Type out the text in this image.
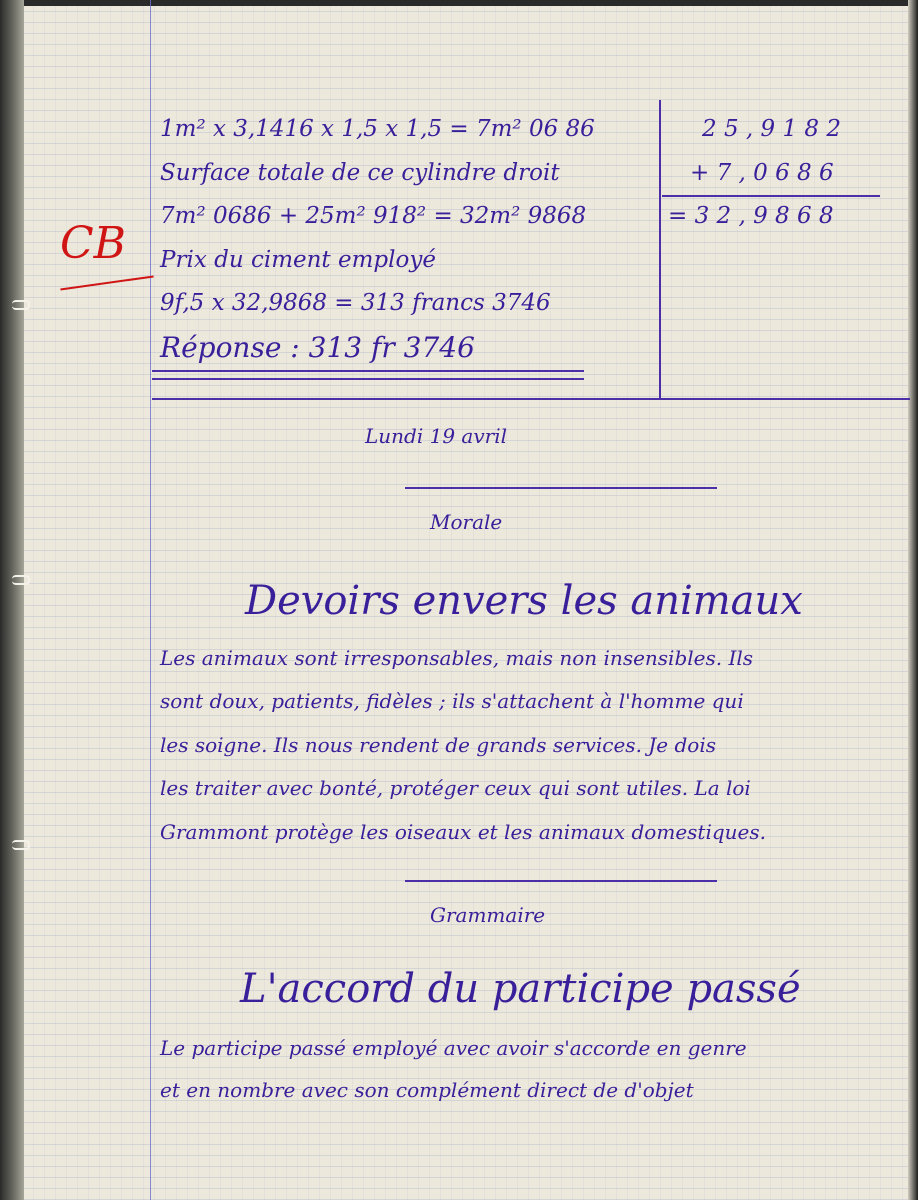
1m² x 3,1416 x 1,5 x 1,5 = 7m² 06 86
Surface totale de ce cylindre droit
7m² 0686 + 25m² 918² = 32m² 9868
Prix du ciment employé
9f,5 x 32,9868 = 313 francs 3746
Réponse : 313 fr 3746
2 5 , 9 1 8 2
+ 7 , 0 6 8 6
= 3 2 , 9 8 6 8
CB
Lundi 19 avril
Morale
Devoirs envers les animaux
Les animaux sont irresponsables, mais non insensibles. Ils
sont doux, patients, fidèles ; ils s'attachent à l'homme qui
les soigne. Ils nous rendent de grands services. Je dois
les traiter avec bonté, protéger ceux qui sont utiles. La loi
Grammont protège les oiseaux et les animaux domestiques.
Grammaire
L'accord du participe passé
Le participe passé employé avec avoir s'accorde en genre
et en nombre avec son complément direct de d'objet
